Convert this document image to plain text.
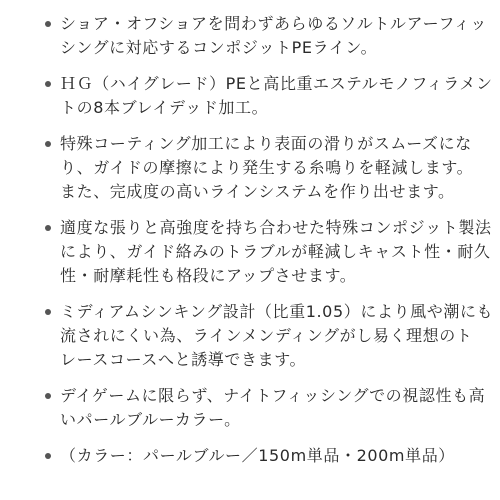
ショア・オフショアを問わずあらゆるソルトルアーフィッ
シングに対応するコンポジットPEライン。
ＨＧ（ハイグレード）PEと高比重エステルモノフィラメン
トの8本ブレイデッド加工。
特殊コーティング加工により表面の滑りがスムーズにな
り、ガイドの摩擦により発生する糸鳴りを軽減します。
また、完成度の高いラインシステムを作り出せます。
適度な張りと高強度を持ち合わせた特殊コンポジット製法
により、ガイド絡みのトラブルが軽減しキャスト性・耐久
性・耐摩耗性も格段にアップさせます。
ミディアムシンキング設計（比重1.05）により風や潮にも
流されにくい為、ラインメンディングがし易く理想のト
レースコースへと誘導できます。
デイゲームに限らず、ナイトフィッシングでの視認性も高
いパールブルーカラー。
（カラー：パールブルー／150m単品・200m単品）
